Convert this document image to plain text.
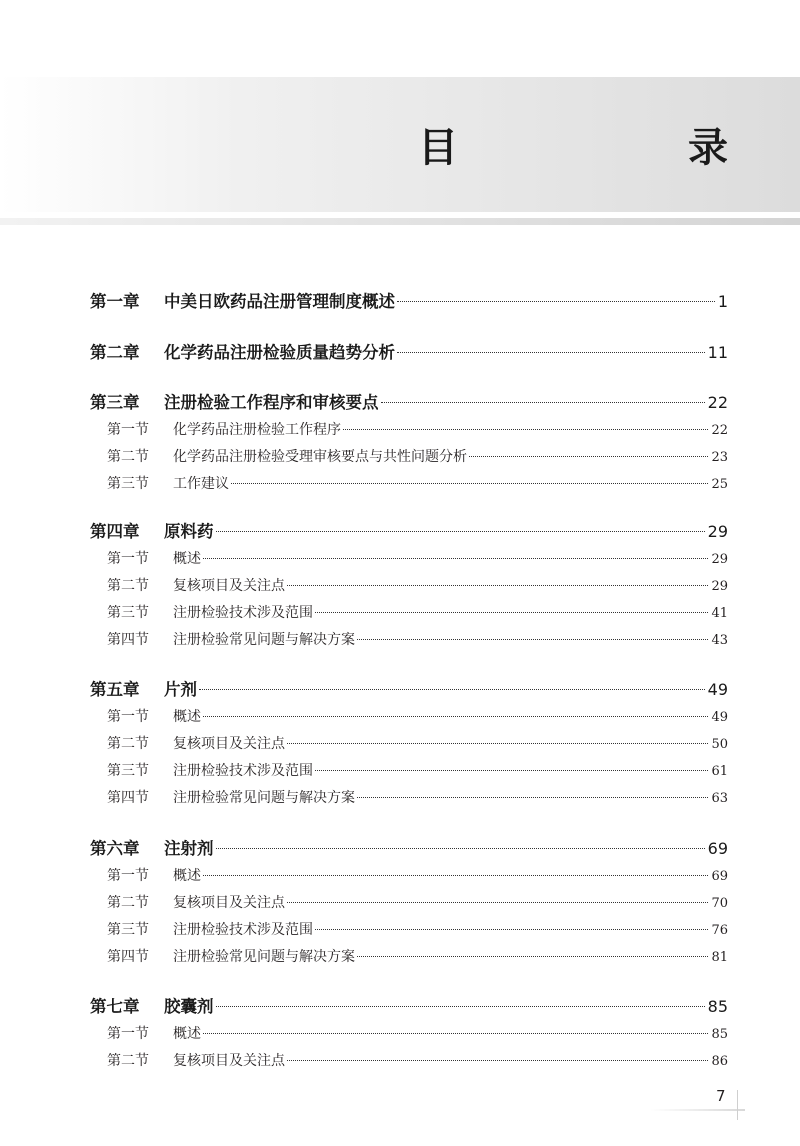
目　　录
第一章	中美日欧药品注册管理制度概述	1
第二章	化学药品注册检验质量趋势分析	11
第三章	注册检验工作程序和审核要点	22
第一节	化学药品注册检验工作程序	22
第二节	化学药品注册检验受理审核要点与共性问题分析	23
第三节	工作建议	25
第四章	原料药	29
第一节	概述	29
第二节	复核项目及关注点	29
第三节	注册检验技术涉及范围	41
第四节	注册检验常见问题与解决方案	43
第五章	片剂	49
第一节	概述	49
第二节	复核项目及关注点	50
第三节	注册检验技术涉及范围	61
第四节	注册检验常见问题与解决方案	63
第六章	注射剂	69
第一节	概述	69
第二节	复核项目及关注点	70
第三节	注册检验技术涉及范围	76
第四节	注册检验常见问题与解决方案	81
第七章	胶囊剂	85
第一节	概述	85
第二节	复核项目及关注点	86
7
